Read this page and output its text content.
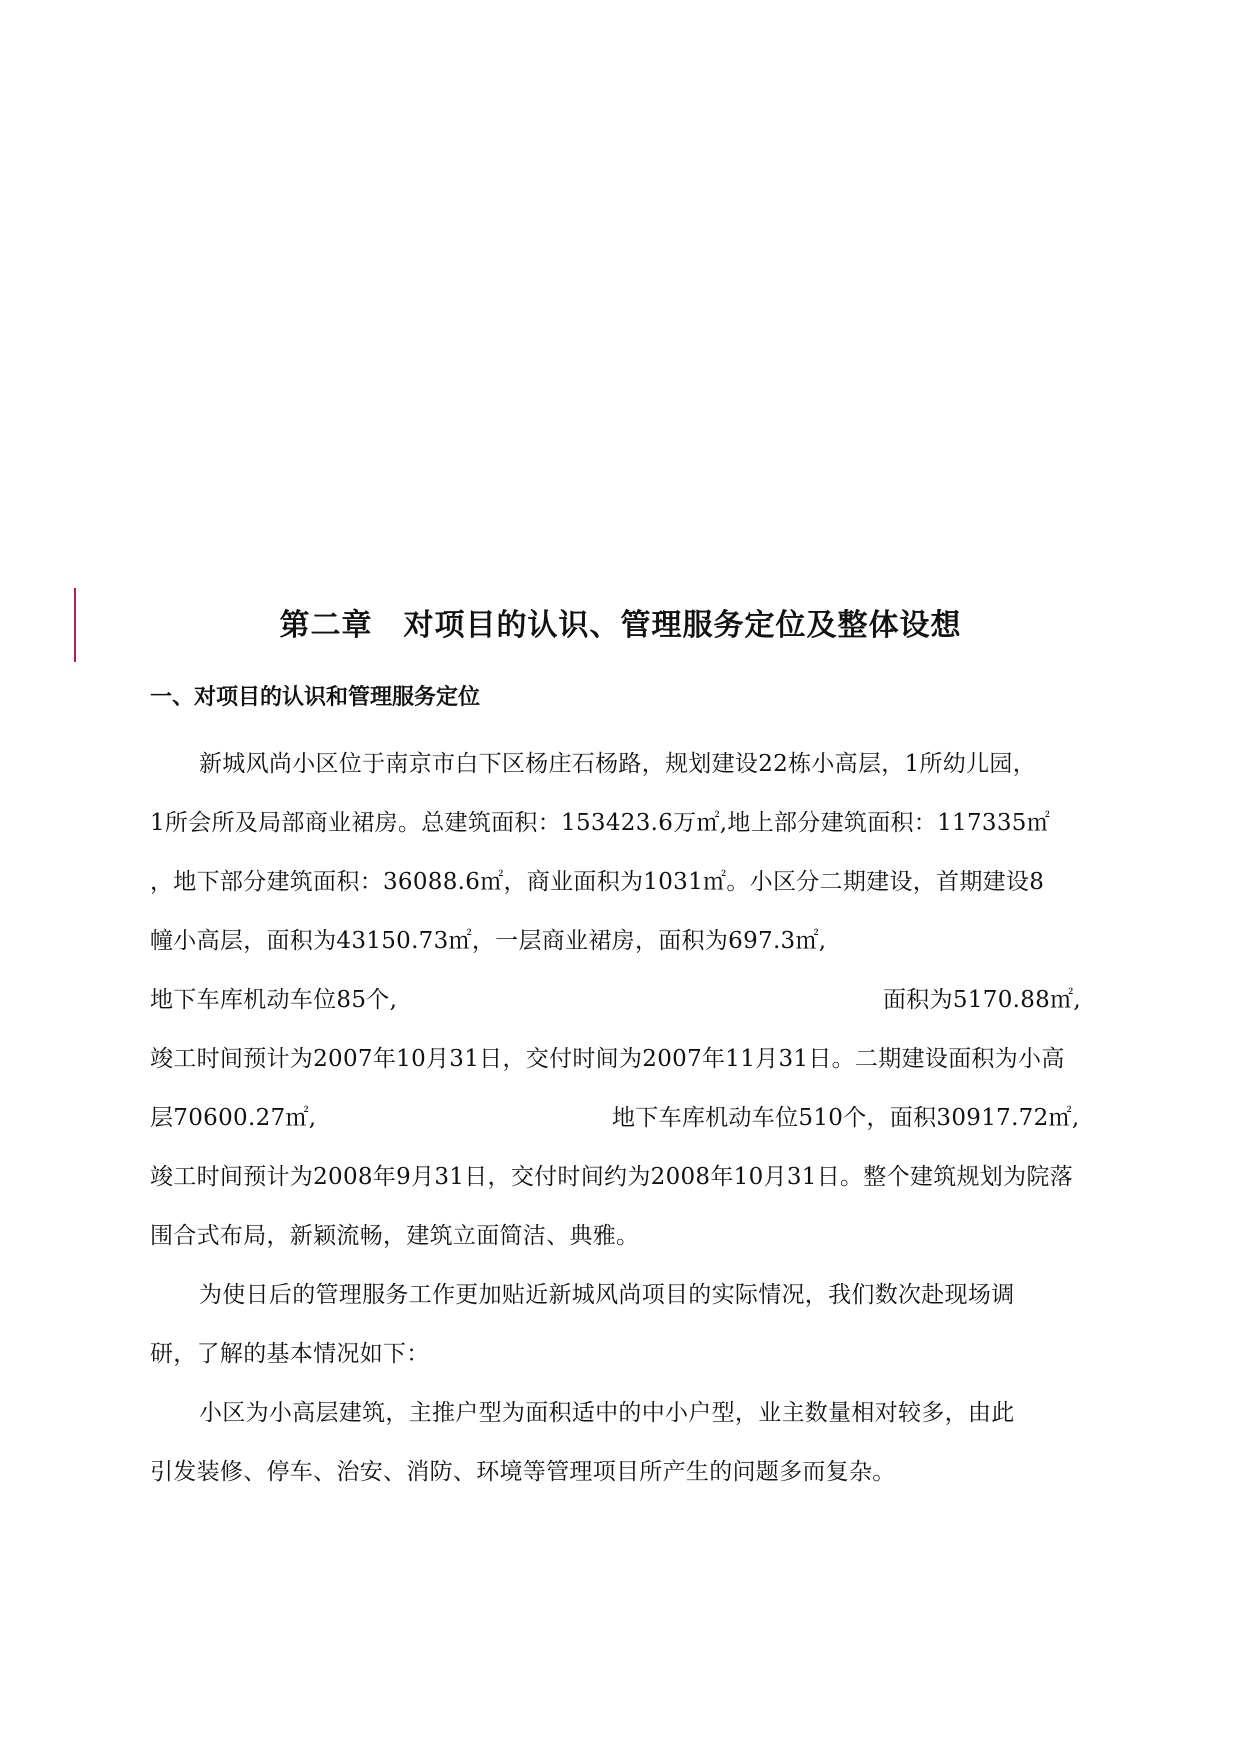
第二章　对项目的认识、管理服务定位及整体设想
一、对项目的认识和管理服务定位
新城风尚小区位于南京市白下区杨庄石杨路，规划建设22栋小高层，1所幼儿园，
1所会所及局部商业裙房。总建筑面积：153423.6万㎡,地上部分建筑面积：117335㎡
，地下部分建筑面积：36088.6㎡，商业面积为1031㎡。小区分二期建设，首期建设8
幢小高层，面积为43150.73㎡，一层商业裙房，面积为697.3㎡,
地下车库机动车位85个,	面积为5170.88㎡,
竣工时间预计为2007年10月31日，交付时间为2007年11月31日。二期建设面积为小高
层70600.27㎡,	地下车库机动车位510个，面积30917.72㎡,
竣工时间预计为2008年9月31日，交付时间约为2008年10月31日。整个建筑规划为院落
围合式布局，新颖流畅，建筑立面简洁、典雅。
为使日后的管理服务工作更加贴近新城风尚项目的实际情况，我们数次赴现场调
研，了解的基本情况如下：
小区为小高层建筑，主推户型为面积适中的中小户型，业主数量相对较多，由此
引发装修、停车、治安、消防、环境等管理项目所产生的问题多而复杂。
